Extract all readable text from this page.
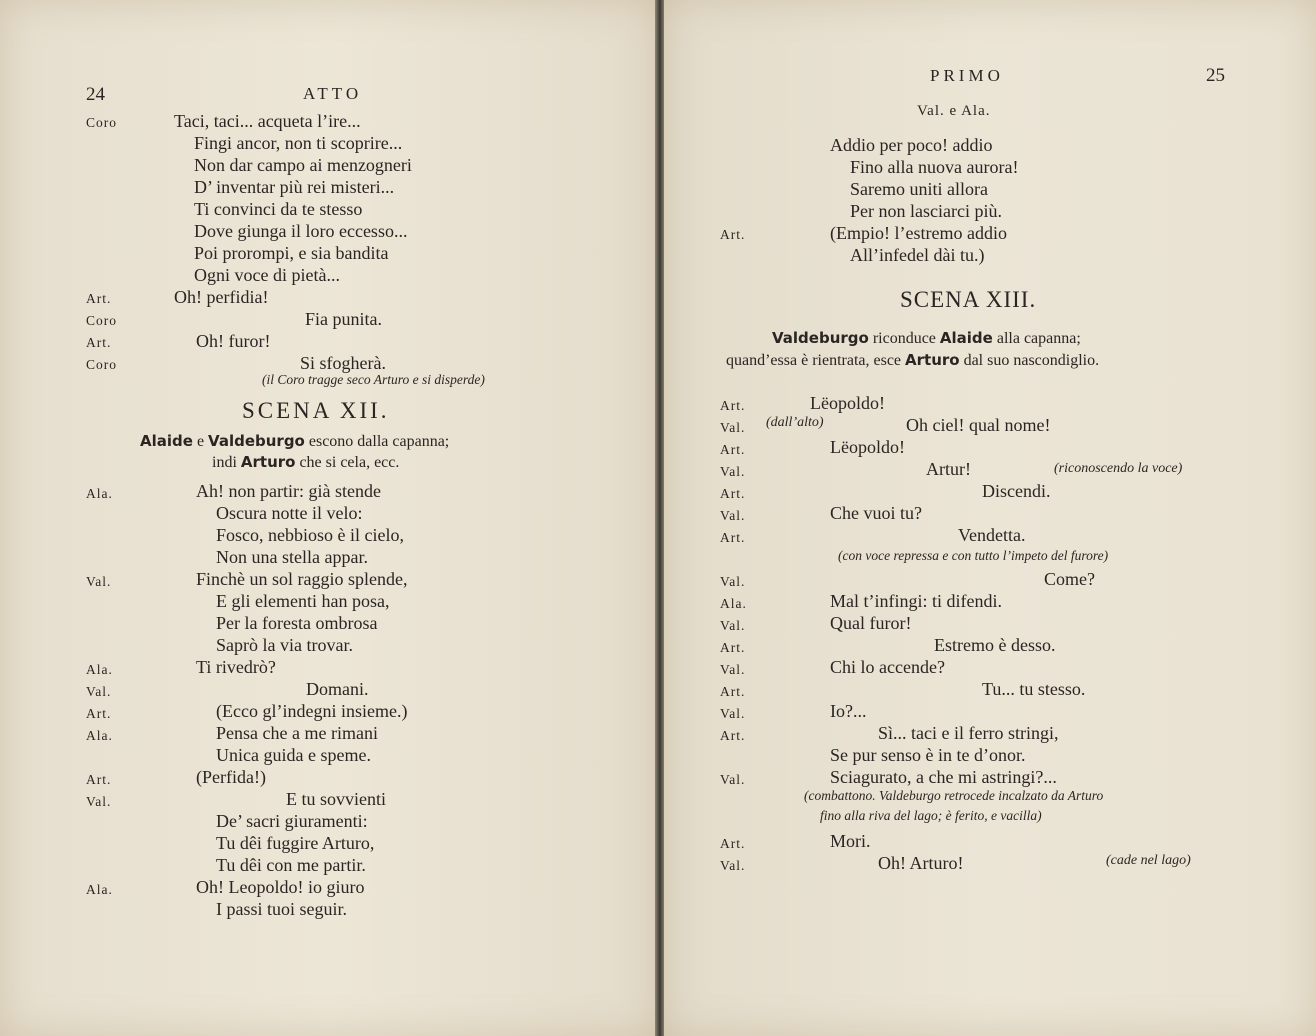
24	ATTO
Coro	Taci, taci... acqueta l’ire...
Fingi ancor, non ti scoprire...
Non dar campo ai menzogneri
D’ inventar più rei misteri...
Ti convinci da te stesso
Dove giunga il loro eccesso...
Poi prorompi, e sia bandita
Ogni voce di pietà...
Art.	Oh! perfidia!
Coro	Fia punita.
Art.	Oh! furor!
Coro	Si sfogherà.
(il Coro tragge seco Arturo e si disperde)
SCENA XII.
Alaide e Valdeburgo escono dalla capanna;
indi Arturo che si cela, ecc.
Ala.	Ah! non partir: già stende
Oscura notte il velo:
Fosco, nebbioso è il cielo,
Non una stella appar.
Val.	Finchè un sol raggio splende,
E gli elementi han posa,
Per la foresta ombrosa
Saprò la via trovar.
Ala.	Ti rivedrò?
Val.	Domani.
Art.	(Ecco gl’indegni insieme.)
Ala.	Pensa che a me rimani
Unica guida e speme.
Art.	(Perfida!)
Val.	E tu sovvienti
De’ sacri giuramenti:
Tu dêi fuggire Arturo,
Tu dêi con me partir.
Ala.	Oh! Leopoldo! io giuro
I passi tuoi seguir.
PRIMO	25
Val. e Ala.
Addio per poco! addio
Fino alla nuova aurora!
Saremo uniti allora
Per non lasciarci più.
Art.	(Empio! l’estremo addio
All’infedel dài tu.)
SCENA XIII.
Valdeburgo riconduce Alaide alla capanna;
quand’essa è rientrata, esce Arturo dal suo nascondiglio.
Art.	Lëopoldo!
Val. (dall’alto)	Oh ciel! qual nome!
Art.	Lëopoldo!
Val.	Artur!	(riconoscendo la voce)
Art.	Discendi.
Val.	Che vuoi tu?
Art.	Vendetta.
(con voce repressa e con tutto l’impeto del furore)
Val.	Come?
Ala.	Mal t’infingi: ti difendi.
Val.	Qual furor!
Art.	Estremo è desso.
Val.	Chi lo accende?
Art.	Tu... tu stesso.
Val.	Io?...
Art.	Sì... taci e il ferro stringi,
Se pur senso è in te d’onor.
Val.	Sciagurato, a che mi astringi?...
(combattono. Valdeburgo retrocede incalzato da Arturo
fino alla riva del lago; è ferito, e vacilla)
Art.	Mori.
Val.	Oh! Arturo!	(cade nel lago)
